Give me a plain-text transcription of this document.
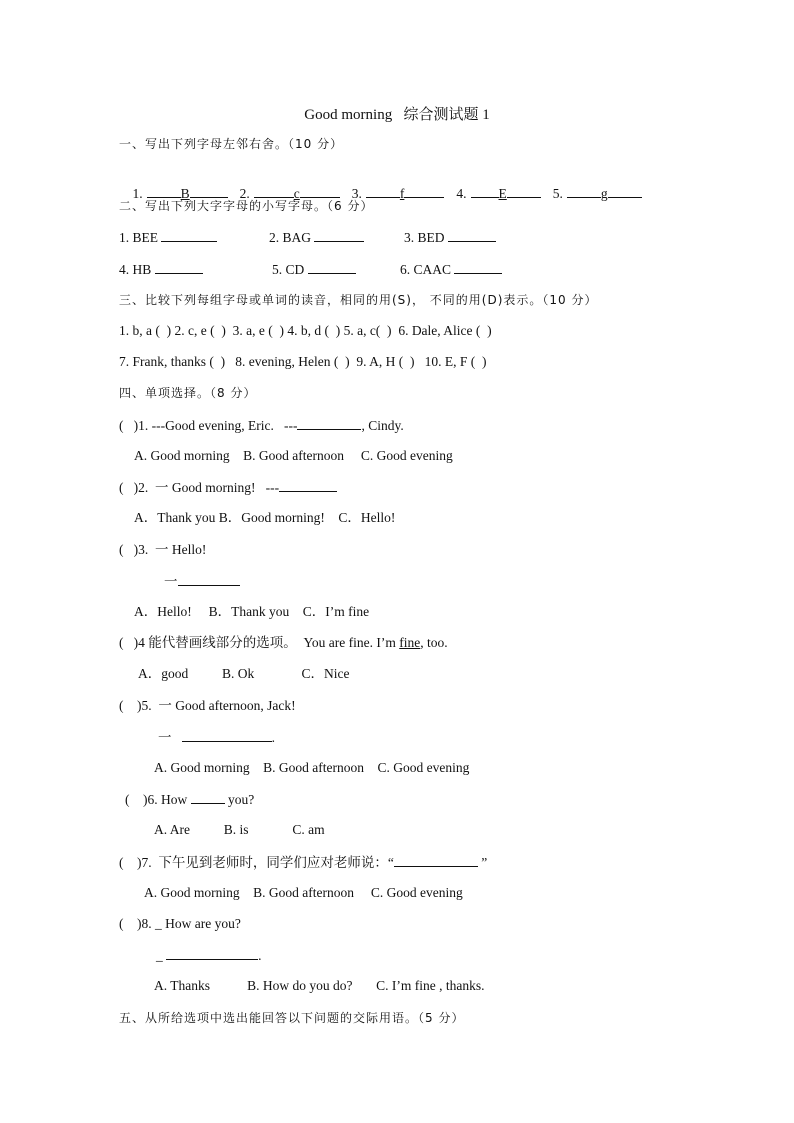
Good morning   综合测试题 1
一、写出下列字母左邻右舍。（10 分）

1.	B	2.	c	3.	f	4. E	5.	g

二、写出下列大字字母的小写字母。（6 分）
1. BEE	2. BAG	3. BED
4. HB	5. CD	6. CAAC
三、比较下列每组字母或单词的读音，相同的用(S)， 不同的用(D)表示。（10 分）
1. b, a (  ) 2. c, e (  ) 3. a, e (  ) 4. b, d (  ) 5. a, c(  ) 6. Dale, Alice (  )
7. Frank, thanks (  ) 8. evening, Helen (  ) 9. A, H (  ) 10. E, F (  )
四、单项选择。（8 分）
(   )1. ---Good evening, Eric.   ---	, Cindy.
A. Good morning B. Good afternoon C. Good evening
(   )2.  一 Good morning!   ---
A．Thank you B．Good morning! C．Hello!
(   )3.  一 Hello!
一
A．Hello! B．Thank you C．I’m fine
(   )4 能代替画线部分的选项。  You are fine. I’m fine, too.
A．good	B. Ok	C．Nice
(    )5.  一 Good afternoon, Jack!
一	.
A. Good morning B. Good afternoon C. Good evening
(    )6. How	you?
A. Are	B. is	C. am
(    )7.  下午见到老师时，同学们应对老师说：“	”
A. Good morning B. Good afternoon C. Good evening
(    )8. _ How are you?
_	.
A. Thanks	B. How do you do? C. I’m fine , thanks.
五、从所给选项中选出能回答以下问题的交际用语。（5 分）
